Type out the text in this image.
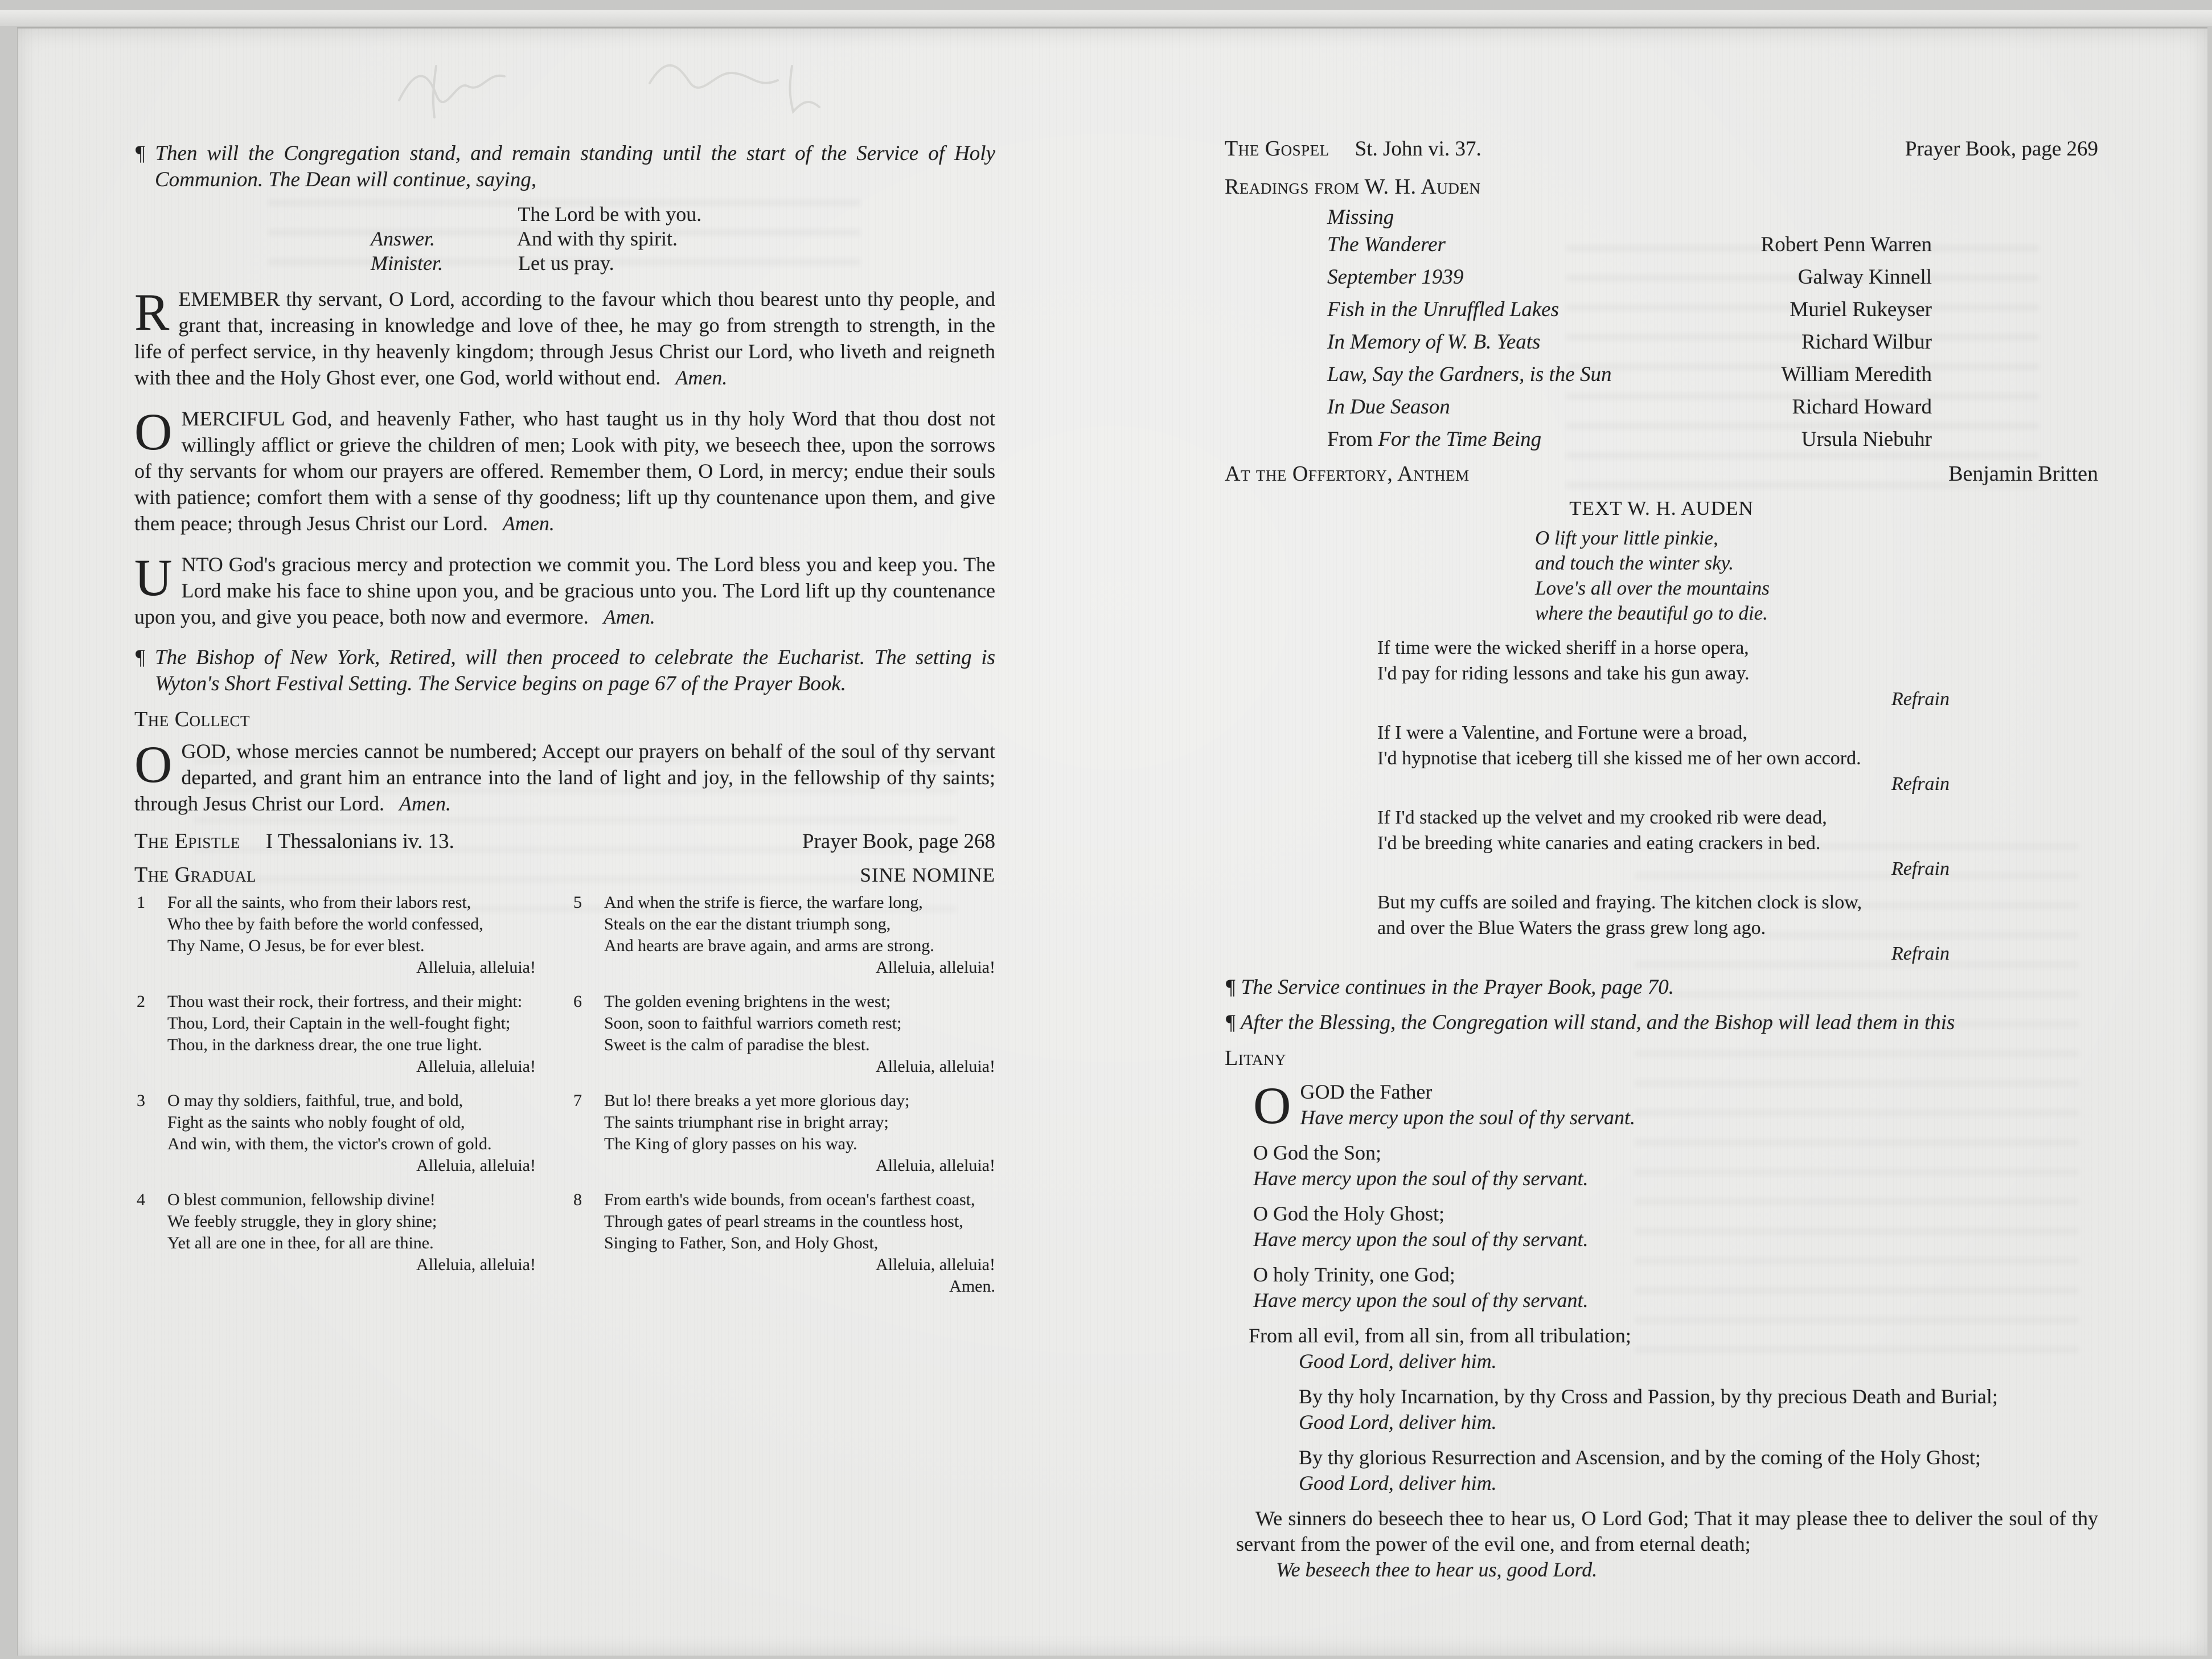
¶ Then will the Congregation stand, and remain standing until the start of the Service of Holy Communion. The Dean will continue, saying,

The Lord be with you.
Answer.	And with thy spirit.
Minister.	Let us pray.

REMEMBER thy servant, O Lord, according to the favour which thou bearest unto thy people, and grant that, increasing in knowledge and love of thee, he may go from strength to strength, in the life of perfect service, in thy heavenly kingdom; through Jesus Christ our Lord, who liveth and reigneth with thee and the Holy Ghost ever, one God, world without end. Amen.

OMERCIFUL God, and heavenly Father, who hast taught us in thy holy Word that thou dost not willingly afflict or grieve the children of men; Look with pity, we beseech thee, upon the sorrows of thy servants for whom our prayers are offered. Remember them, O Lord, in mercy; endue their souls with patience; comfort them with a sense of thy goodness; lift up thy countenance upon them, and give them peace; through Jesus Christ our Lord. Amen.

UNTO God's gracious mercy and protection we commit you. The Lord bless you and keep you. The Lord make his face to shine upon you, and be gracious unto you. The Lord lift up thy countenance upon you, and give you peace, both now and evermore. Amen.

¶ The Bishop of New York, Retired, will then proceed to celebrate the Eucharist. The setting is Wyton's Short Festival Setting. The Service begins on page 67 of the Prayer Book.

The Collect

OGOD, whose mercies cannot be numbered; Accept our prayers on behalf of the soul of thy servant departed, and grant him an entrance into the land of light and joy, in the fellowship of thy saints; through Jesus Christ our Lord. Amen.

The Epistle I Thessalonians iv. 13.	Prayer Book, page 268
The Gradual	SINE NOMINE
1 For all the saints, who from their labors rest,
Who thee by faith before the world confessed,
Thy Name, O Jesus, be for ever blest.
Alleluia, alleluia!
2 Thou wast their rock, their fortress, and their might:
Thou, Lord, their Captain in the well-fought fight;
Thou, in the darkness drear, the one true light.
Alleluia, alleluia!
3 O may thy soldiers, faithful, true, and bold,
Fight as the saints who nobly fought of old,
And win, with them, the victor's crown of gold.
Alleluia, alleluia!
4 O blest communion, fellowship divine!
We feebly struggle, they in glory shine;
Yet all are one in thee, for all are thine.
Alleluia, alleluia!
5 And when the strife is fierce, the warfare long,
Steals on the ear the distant triumph song,
And hearts are brave again, and arms are strong.
Alleluia, alleluia!
6 The golden evening brightens in the west;
Soon, soon to faithful warriors cometh rest;
Sweet is the calm of paradise the blest.
Alleluia, alleluia!
7 But lo! there breaks a yet more glorious day;
The saints triumphant rise in bright array;
The King of glory passes on his way.
Alleluia, alleluia!
8 From earth's wide bounds, from ocean's farthest coast,
Through gates of pearl streams in the countless host,
Singing to Father, Son, and Holy Ghost,
Alleluia, alleluia!
Amen.
The Gospel St. John vi. 37.	Prayer Book, page 269
Readings from W. H. Auden
Missing
The Wanderer	Robert Penn Warren
September 1939	Galway Kinnell
Fish in the Unruffled Lakes	Muriel Rukeyser
In Memory of W. B. Yeats	Richard Wilbur
Law, Say the Gardners, is the Sun	William Meredith
In Due Season	Richard Howard
From For the Time Being	Ursula Niebuhr
At the Offertory, Anthem	Benjamin Britten
TEXT W. H. AUDEN
O lift your little pinkie,
and touch the winter sky.
Love's all over the mountains
where the beautiful go to die.
If time were the wicked sheriff in a horse opera,
I'd pay for riding lessons and take his gun away.
Refrain
If I were a Valentine, and Fortune were a broad,
I'd hypnotise that iceberg till she kissed me of her own accord.
Refrain
If I'd stacked up the velvet and my crooked rib were dead,
I'd be breeding white canaries and eating crackers in bed.
Refrain
But my cuffs are soiled and fraying. The kitchen clock is slow,
and over the Blue Waters the grass grew long ago.
Refrain

¶ The Service continues in the Prayer Book, page 70.

¶ After the Blessing, the Congregation will stand, and the Bishop will lead them in this

Litany
O GOD the Father
Have mercy upon the soul of thy servant.
O God the Son;
Have mercy upon the soul of thy servant.
O God the Holy Ghost;
Have mercy upon the soul of thy servant.
O holy Trinity, one God;
Have mercy upon the soul of thy servant.
From all evil, from all sin, from all tribulation;
Good Lord, deliver him.
By thy holy Incarnation, by thy Cross and Passion, by thy precious Death and Burial;
Good Lord, deliver him.
By thy glorious Resurrection and Ascension, and by the coming of the Holy Ghost;
Good Lord, deliver him.
We sinners do beseech thee to hear us, O Lord God; That it may please thee to deliver the soul of thy servant from the power of the evil one, and from eternal death;
We beseech thee to hear us, good Lord.
